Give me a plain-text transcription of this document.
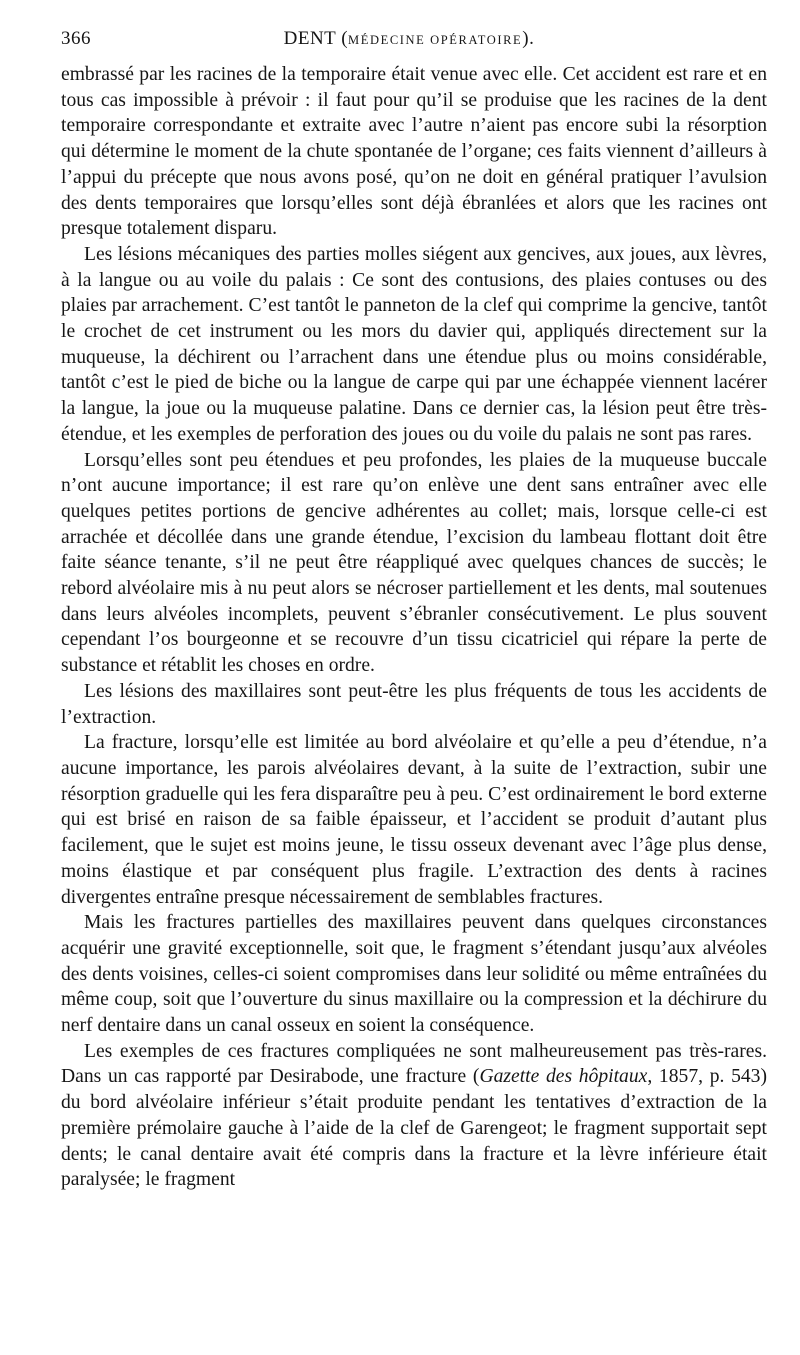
366	DENT (MÉDECINE OPÉRATOIRE).

embrassé par les racines de la temporaire était venue avec elle. Cet accident est rare et en tous cas impossible à prévoir : il faut pour qu’il se produise que les racines de la dent temporaire correspondante et extraite avec l’autre n’aient pas encore subi la résorption qui détermine le moment de la chute spontanée de l’organe; ces faits viennent d’ailleurs à l’appui du précepte que nous avons posé, qu’on ne doit en général pratiquer l’avulsion des dents temporaires que lorsqu’elles sont déjà ébranlées et alors que les racines ont presque totalement disparu.

Les lésions mécaniques des parties molles siégent aux gencives, aux joues, aux lèvres, à la langue ou au voile du palais : Ce sont des contusions, des plaies contuses ou des plaies par arrachement. C’est tantôt le panneton de la clef qui comprime la gencive, tantôt le crochet de cet instrument ou les mors du davier qui, appliqués directement sur la muqueuse, la déchirent ou l’arrachent dans une étendue plus ou moins considérable, tantôt c’est le pied de biche ou la langue de carpe qui par une échappée viennent lacérer la langue, la joue ou la muqueuse palatine. Dans ce dernier cas, la lésion peut être très-étendue, et les exemples de perforation des joues ou du voile du palais ne sont pas rares.

Lorsqu’elles sont peu étendues et peu profondes, les plaies de la muqueuse buccale n’ont aucune importance; il est rare qu’on enlève une dent sans entraîner avec elle quelques petites portions de gencive adhérentes au collet; mais, lorsque celle-ci est arrachée et décollée dans une grande étendue, l’excision du lambeau flottant doit être faite séance tenante, s’il ne peut être réappliqué avec quelques chances de succès; le rebord alvéolaire mis à nu peut alors se nécroser partiellement et les dents, mal soutenues dans leurs alvéoles incomplets, peuvent s’ébranler consécutivement. Le plus souvent cependant l’os bourgeonne et se recouvre d’un tissu cicatriciel qui répare la perte de substance et rétablit les choses en ordre.

Les lésions des maxillaires sont peut-être les plus fréquents de tous les accidents de l’extraction.

La fracture, lorsqu’elle est limitée au bord alvéolaire et qu’elle a peu d’étendue, n’a aucune importance, les parois alvéolaires devant, à la suite de l’extraction, subir une résorption graduelle qui les fera disparaître peu à peu. C’est ordinairement le bord externe qui est brisé en raison de sa faible épaisseur, et l’accident se produit d’autant plus facilement, que le sujet est moins jeune, le tissu osseux devenant avec l’âge plus dense, moins élastique et par conséquent plus fragile. L’extraction des dents à racines divergentes entraîne presque nécessairement de semblables fractures.

Mais les fractures partielles des maxillaires peuvent dans quelques circonstances acquérir une gravité exceptionnelle, soit que, le fragment s’étendant jusqu’aux alvéoles des dents voisines, celles-ci soient compromises dans leur solidité ou même entraînées du même coup, soit que l’ouverture du sinus maxillaire ou la compression et la déchirure du nerf dentaire dans un canal osseux en soient la conséquence.

Les exemples de ces fractures compliquées ne sont malheureusement pas très-rares. Dans un cas rapporté par Desirabode, une fracture (Gazette des hôpitaux, 1857, p. 543) du bord alvéolaire inférieur s’était produite pendant les tentatives d’extraction de la première prémolaire gauche à l’aide de la clef de Garengeot; le fragment supportait sept dents; le canal dentaire avait été compris dans la fracture et la lèvre inférieure était paralysée; le fragment
